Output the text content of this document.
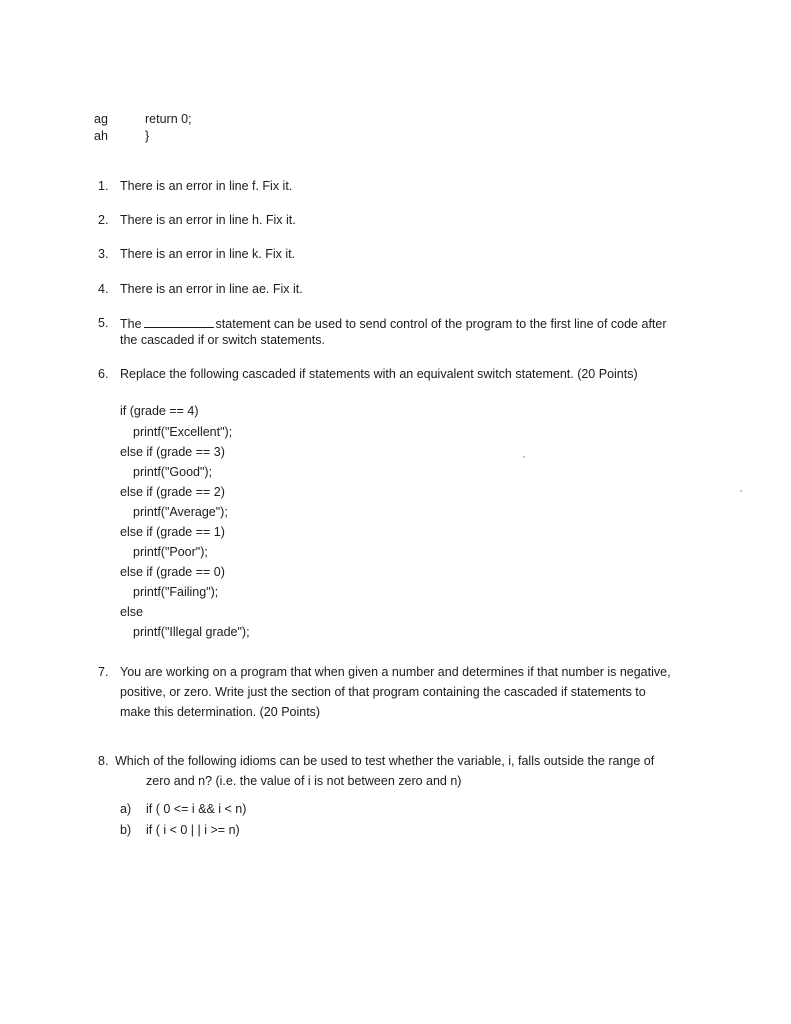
ag	return 0;
ah	}
1. There is an error in line f. Fix it.
2. There is an error in line h. Fix it.
3. There is an error in line k. Fix it.
4. There is an error in line ae. Fix it.
5. The	statement can be used to send control of the program to the first line of code after
the cascaded if or switch statements.
6. Replace the following cascaded if statements with an equivalent switch statement. (20 Points)
if (grade == 4)
printf("Excellent");
else if (grade == 3)
printf("Good");
else if (grade == 2)
printf("Average");
else if (grade == 1)
printf("Poor");
else if (grade == 0)
printf("Failing");
else
printf("Illegal grade");
7. You are working on a program that when given a number and determines if that number is negative,
positive, or zero. Write just the section of that program containing the cascaded if statements to
make this determination. (20 Points)
8. Which of the following idioms can be used to test whether the variable, i, falls outside the range of
zero and n? (i.e. the value of i is not between zero and n)
a) if ( 0 <= i && i < n)
b) if ( i < 0 | | i >= n)
